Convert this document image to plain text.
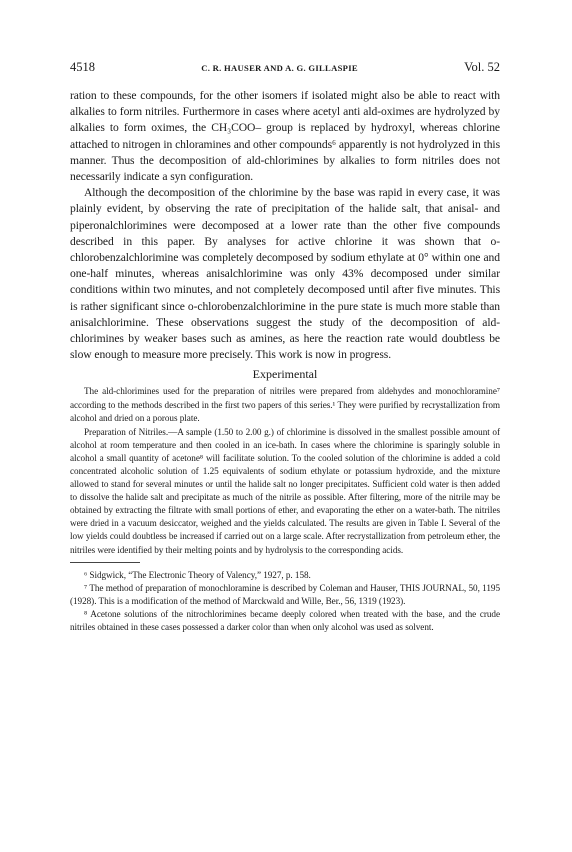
4518	C. R. HAUSER AND A. G. GILLASPIE	Vol. 52

ration to these compounds, for the other isomers if isolated might also be able to react with alkalies to form nitriles. Furthermore in cases where acetyl anti ald-oximes are hydrolyzed by alkalies to form oximes, the CH₃COO– group is replaced by hydroxyl, whereas chlorine attached to nitrogen in chloramines and other compounds⁶ apparently is not hydrolyzed in this manner. Thus the decomposition of ald-chlorimines by alkalies to form nitriles does not necessarily indicate a syn configuration.

Although the decomposition of the chlorimine by the base was rapid in every case, it was plainly evident, by observing the rate of precipitation of the halide salt, that anisal- and piperonalchlorimines were decomposed at a lower rate than the other five compounds described in this paper. By analyses for active chlorine it was shown that o-chlorobenzalchlorimine was completely decomposed by sodium ethylate at 0° within one and one-half minutes, whereas anisalchlorimine was only 43% decomposed under similar conditions within two minutes, and not completely decomposed until after five minutes. This is rather significant since o-chlorobenzalchlorimine in the pure state is much more stable than anisalchlorimine. These observations suggest the study of the decomposition of ald-chlorimines by weaker bases such as amines, as here the reaction rate would doubtless be slow enough to measure more precisely. This work is now in progress.

Experimental

The ald-chlorimines used for the preparation of nitriles were prepared from aldehydes and monochloramine⁷ according to the methods described in the first two papers of this series.¹ They were purified by recrystallization from alcohol and dried on a porous plate.

Preparation of Nitriles.—A sample (1.50 to 2.00 g.) of chlorimine is dissolved in the smallest possible amount of alcohol at room temperature and then cooled in an ice-bath. In cases where the chlorimine is sparingly soluble in alcohol a small quantity of acetone⁸ will facilitate solution. To the cooled solution of the chlorimine is added a cold concentrated alcoholic solution of 1.25 equivalents of sodium ethylate or potassium hydroxide, and the mixture allowed to stand for several minutes or until the halide salt no longer precipitates. Sufficient cold water is then added to dissolve the halide salt and precipitate as much of the nitrile as possible. After filtering, more of the nitrile may be obtained by extracting the filtrate with small portions of ether, and evaporating the ether on a water-bath. The nitriles were dried in a vacuum desiccator, weighed and the yields calculated. The results are given in Table I. Several of the low yields could doubtless be increased if carried out on a large scale. After recrystallization from petroleum ether, the nitriles were identified by their melting points and by hydrolysis to the corresponding acids.

⁶ Sidgwick, “The Electronic Theory of Valency,” 1927, p. 158.

⁷ The method of preparation of monochloramine is described by Coleman and Hauser, THIS JOURNAL, 50, 1195 (1928). This is a modification of the method of Marckwald and Wille, Ber., 56, 1319 (1923).

⁸ Acetone solutions of the nitrochlorimines became deeply colored when treated with the base, and the crude nitriles obtained in these cases possessed a darker color than when only alcohol was used as solvent.
